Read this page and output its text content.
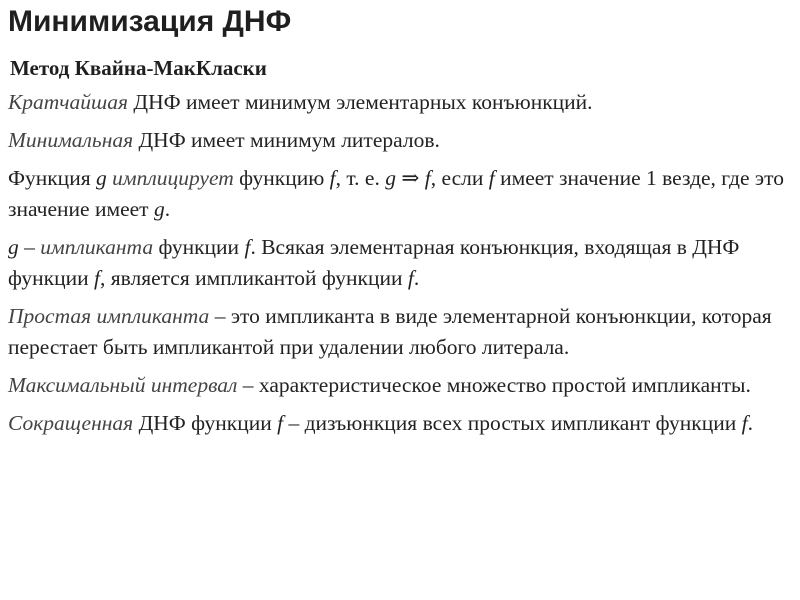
Минимизация ДНФ
Метод Квайна-МакКласки

Кратчайшая ДНФ имеет минимум элементарных конъюнкций.

Минимальная ДНФ имеет минимум литералов.

Функция g имплицирует функцию f, т. е. g ⇒ f, если f имеет значение 1 везде, где это значение имеет g.

g – импликанта функции f. Всякая элементарная конъюнкция, входящая в ДНФ функции f, является импликантой функции f.

Простая импликанта – это импликанта в виде элементарной конъюнкции, которая перестает быть импликантой при удалении любого литерала.

Максимальный интервал – характеристическое множество простой импликанты.

Сокращенная ДНФ функции f – дизъюнкция всех простых импликант функции f.
